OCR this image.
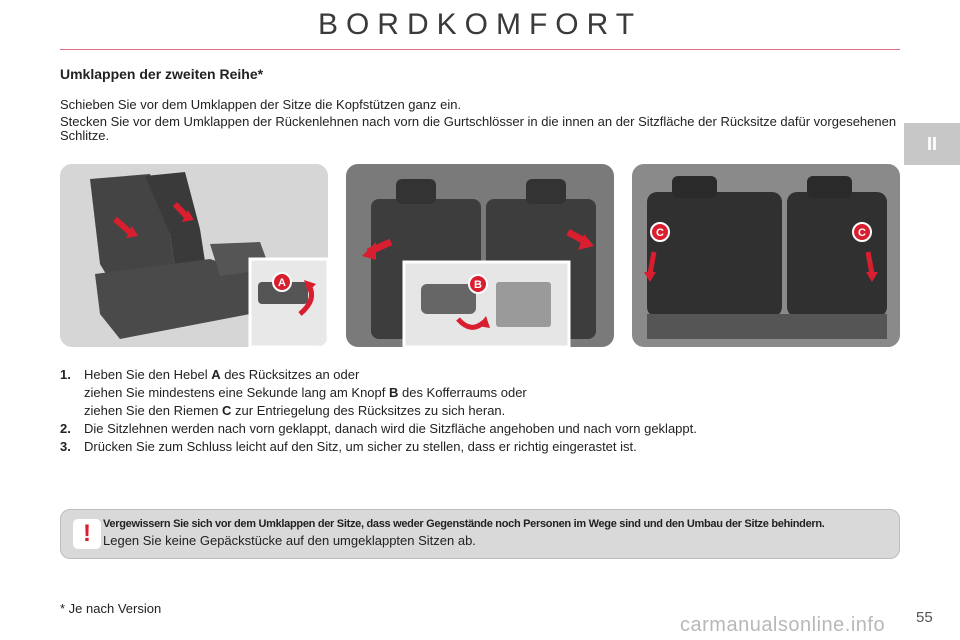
BORDKOMFORT
II
Umklappen der zweiten Reihe*

Schieben Sie vor dem Umklappen der Sitze die Kopfstützen ganz ein.

Stecken Sie vor dem Umklappen der Rückenlehnen nach vorn die Gurtschlösser in die innen an der Sitzfläche der Rücksitze dafür vorgesehenen Schlitze.

A	B
C	C
1.	Heben Sie den Hebel A des Rücksitzes an oder
ziehen Sie mindestens eine Sekunde lang am Knopf B des Kofferraums oder
ziehen Sie den Riemen C zur Entriegelung des Rücksitzes zu sich heran.
2.	Die Sitzlehnen werden nach vorn geklappt, danach wird die Sitzfläche angehoben und nach vorn geklappt.
3.	Drücken Sie zum Schluss leicht auf den Sitz, um sicher zu stellen, dass er richtig eingerastet ist.
!	Vergewissern Sie sich vor dem Umklappen der Sitze, dass weder Gegenstände noch Personen im Wege sind und den Umbau der Sitze behindern.
Legen Sie keine Gepäckstücke auf den umgeklappten Sitzen ab.
* Je nach Version
carmanualsonline.info 55
